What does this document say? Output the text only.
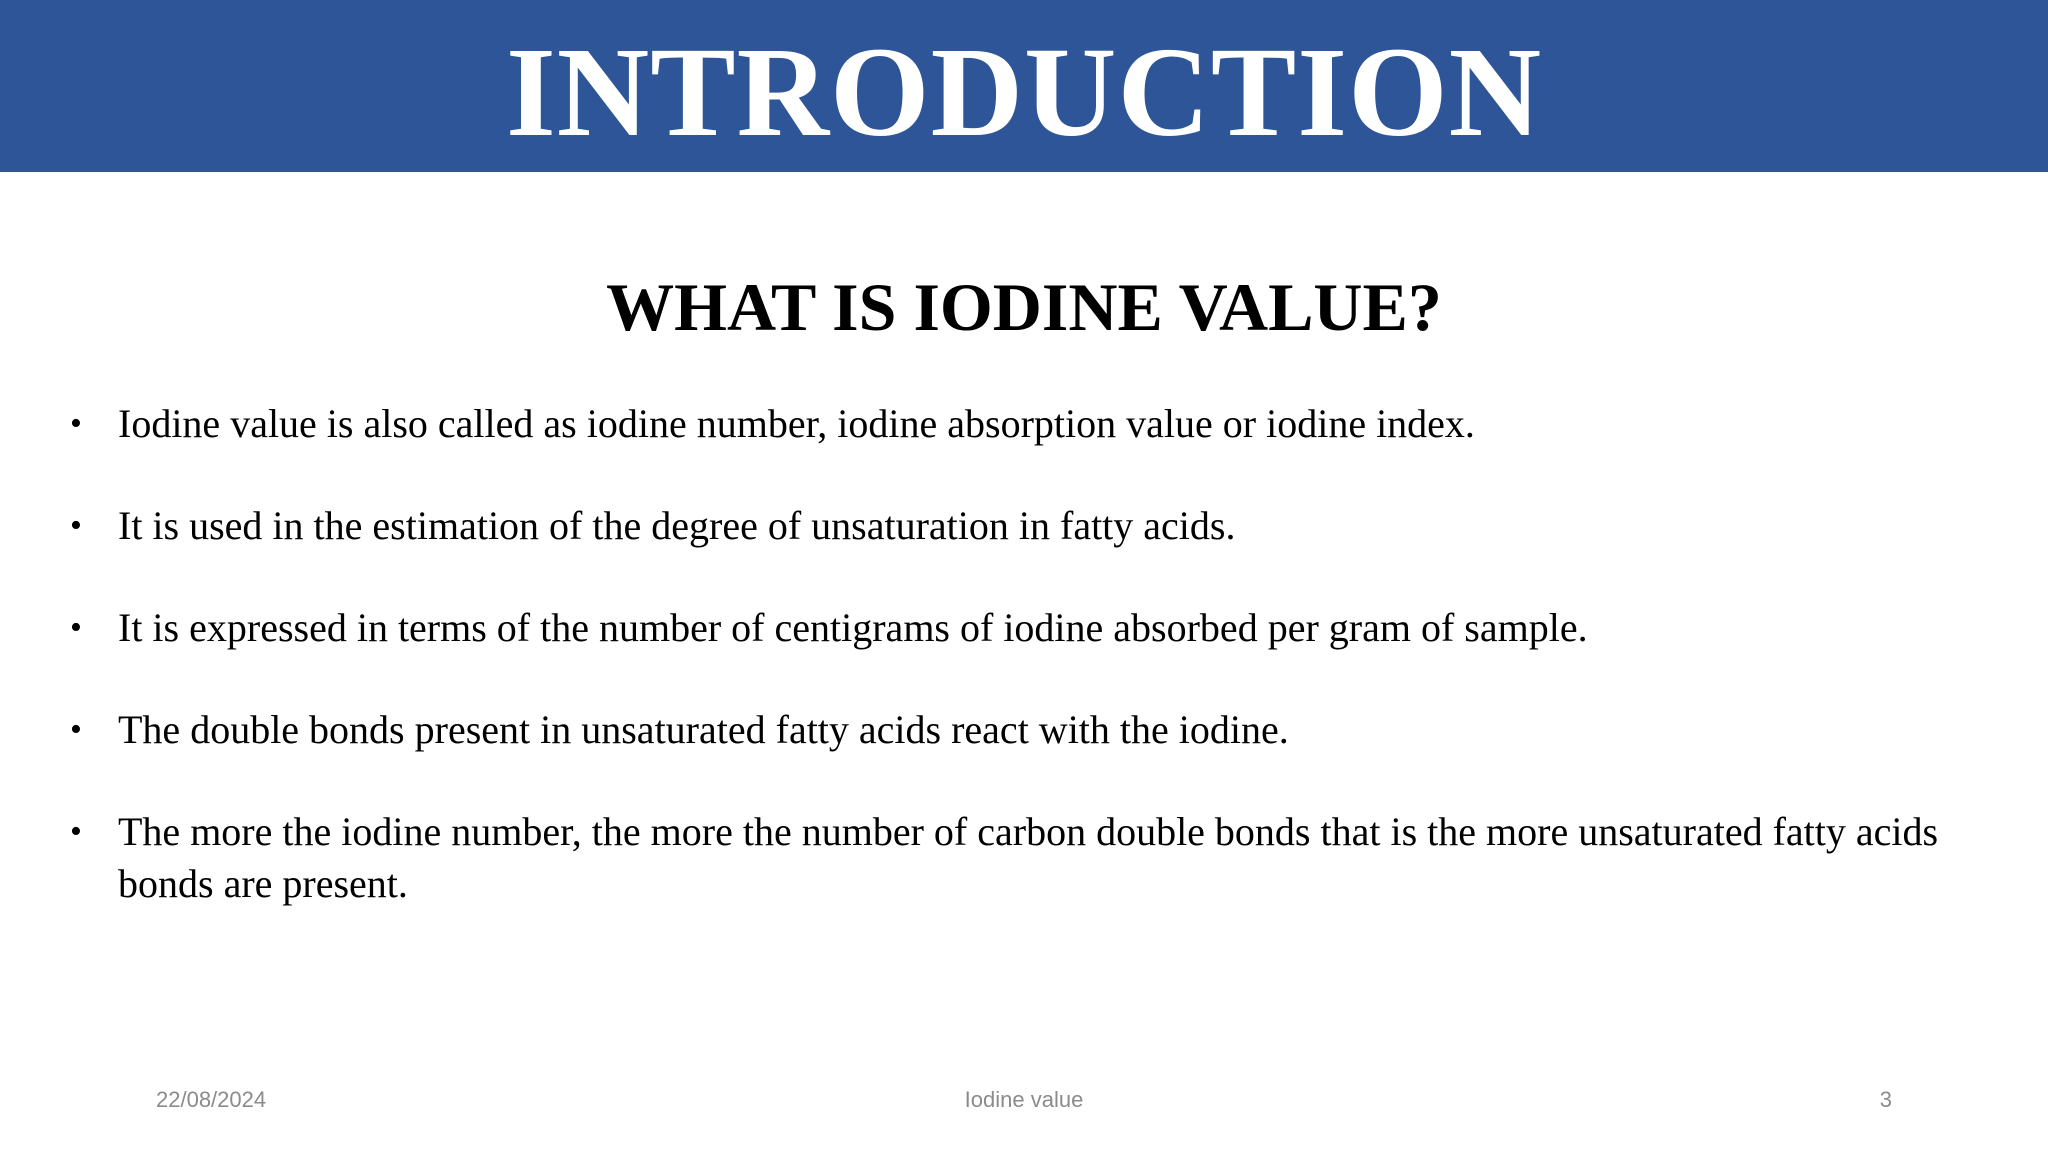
INTRODUCTION
WHAT IS IODINE VALUE?
• Iodine value is also called as iodine number, iodine absorption value or iodine index.
• It is used in the estimation of the degree of unsaturation in fatty acids.
• It is expressed in terms of the number of centigrams of iodine absorbed per gram of sample.
• The double bonds present in unsaturated fatty acids react with the iodine.
• The more the iodine number, the more the number of carbon double bonds that is the more unsaturated fatty acids bonds are present.
22/08/2024	Iodine value	3
